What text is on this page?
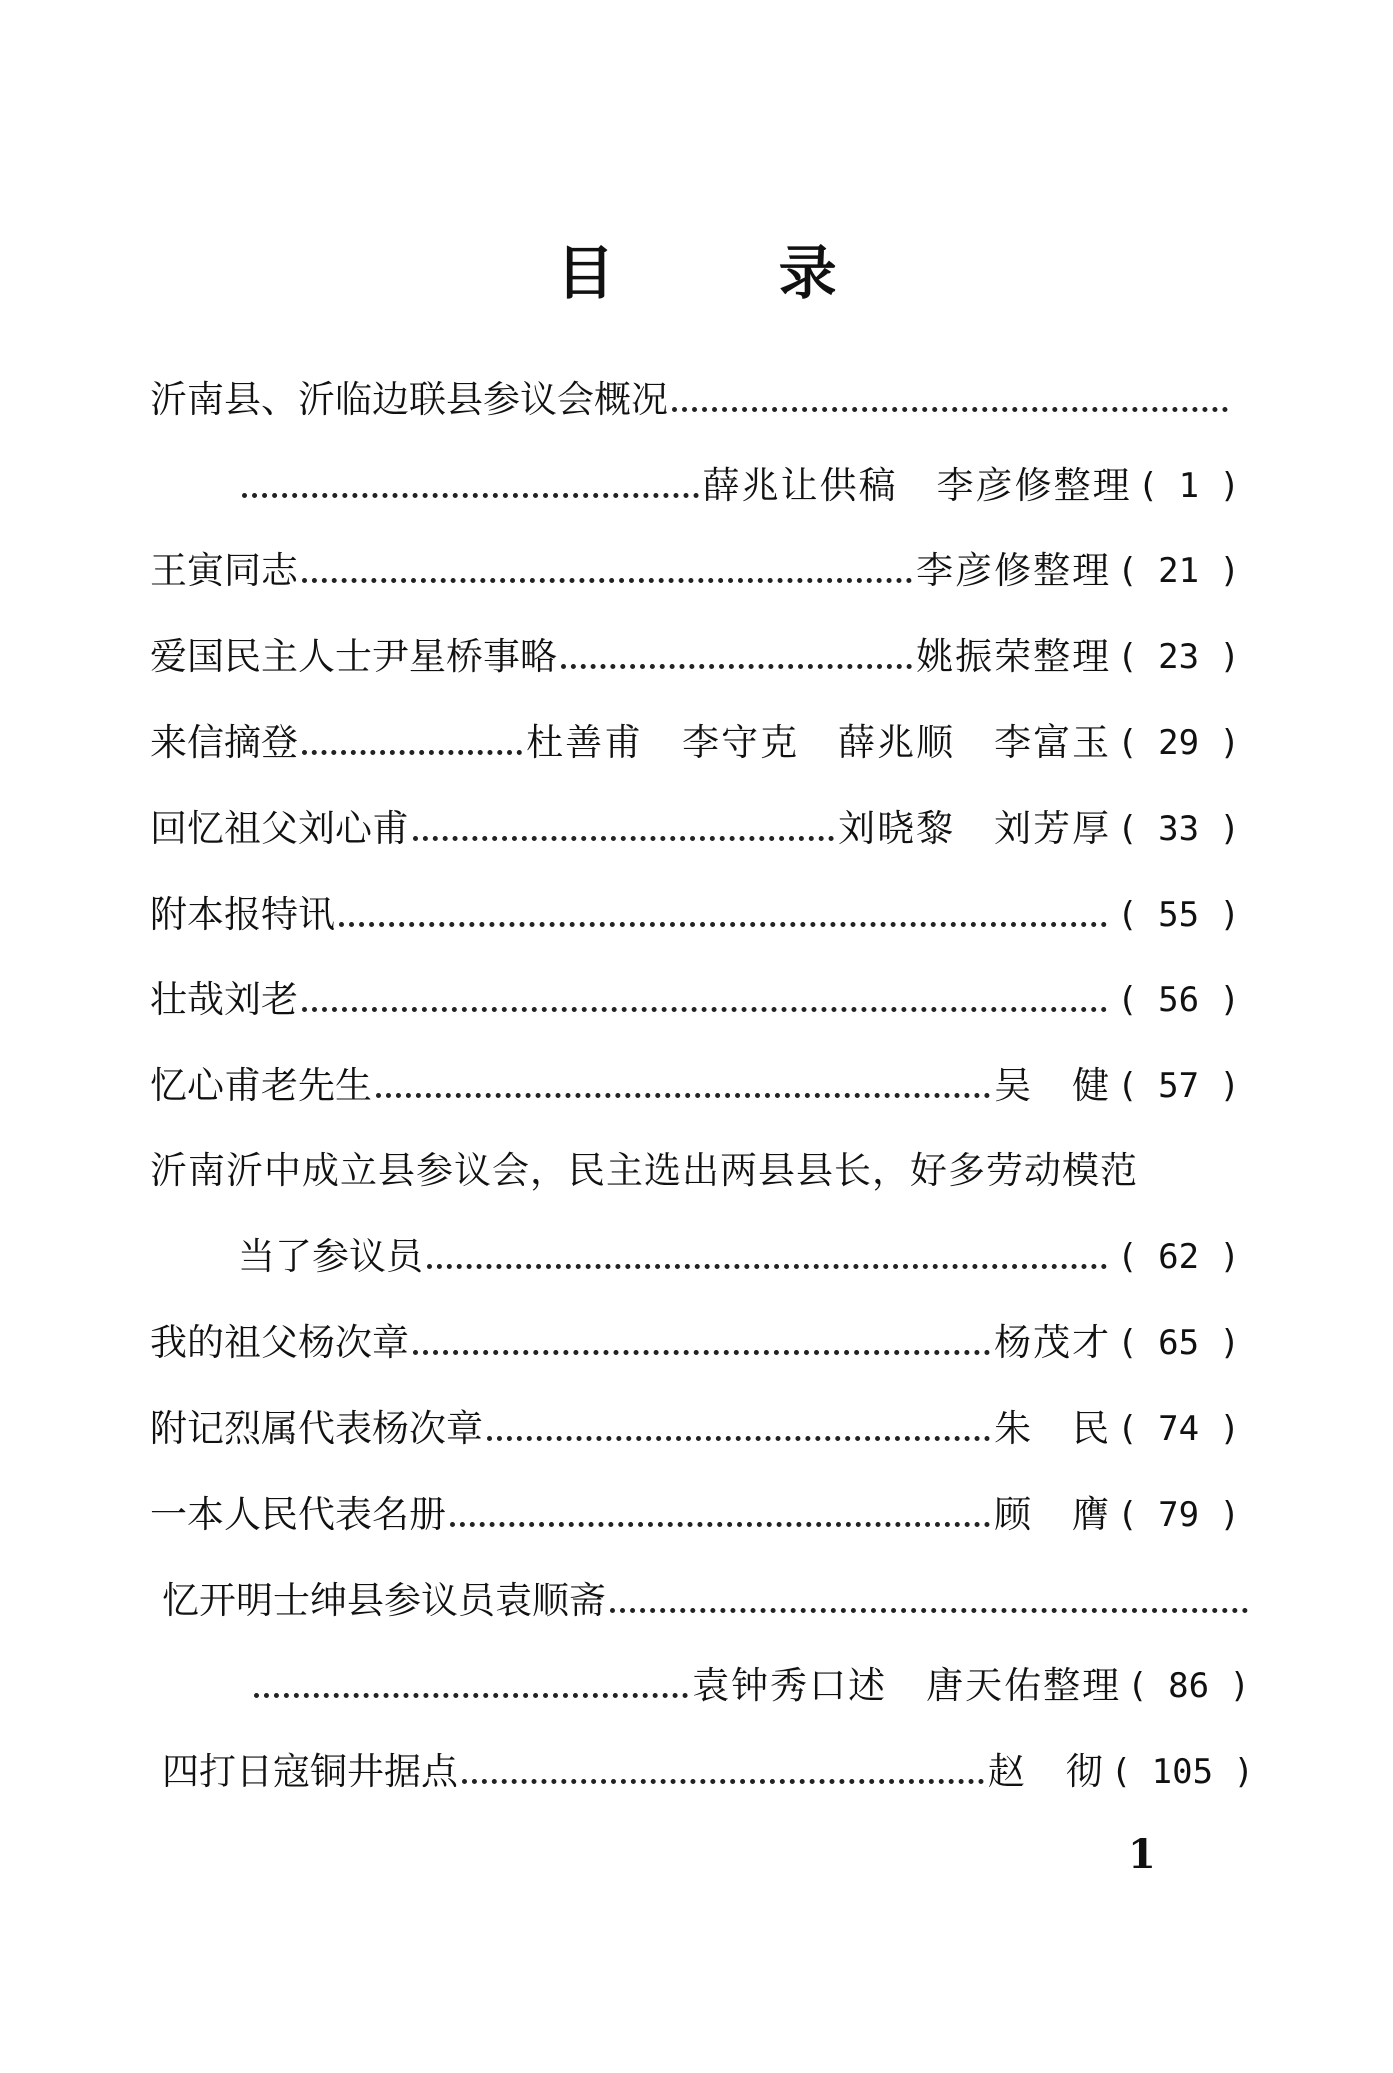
目 录
沂南县、沂临边联县参议会概况
薛兆让供稿　李彦修整理 ( 1 )
王寅同志	李彦修整理 ( 21 )
爱国民主人士尹星桥事略	姚振荣整理 ( 23 )
来信摘登	杜善甫　李守克　薛兆顺　李富玉 ( 29 )
回忆祖父刘心甫	刘晓黎　刘芳厚 ( 33 )
附本报特讯	( 55 )
壮哉刘老	( 56 )
忆心甫老先生	吴　健 ( 57 )
沂南沂中成立县参议会，民主选出两县县长，好多劳动模范
当了参议员	( 62 )
我的祖父杨次章	杨茂才 ( 65 )
附记烈属代表杨次章	朱　民 ( 74 )
一本人民代表名册	顾　膺 ( 79 )
忆开明士绅县参议员袁顺斋
袁钟秀口述　唐天佑整理 ( 86 )
四打日寇铜井据点	赵　彻 ( 105 )
1
